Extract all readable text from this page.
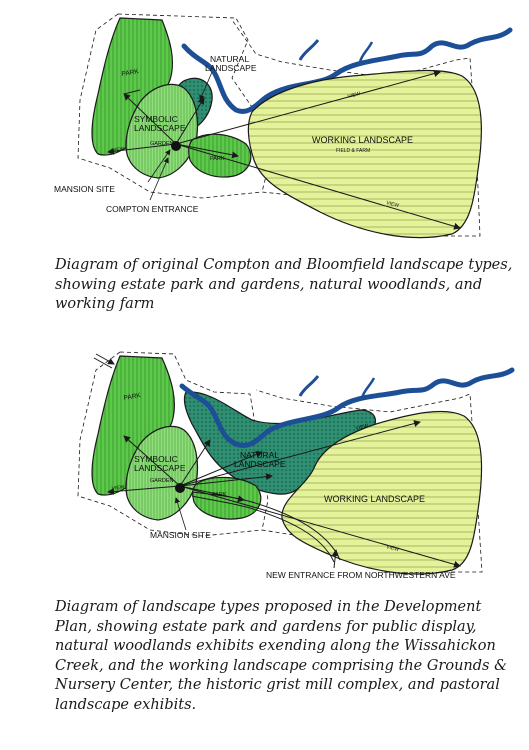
PARK
NATURAL LANDSCAPE
SYMBOLIC LANDSCAPE
GARDEN
VIEW
PARK
WORKING LANDSCAPE
FIELD & FARM
VIEW
VIEW
MANSION SITE
COMPTON ENTRANCE

Diagram of original Compton and Bloomfield landscape types, showing estate park and gardens, natural woodlands, and working farm

PARK
NATURAL LANDSCAPE
SYMBOLIC LANDSCAPE
GARDEN
VIEW
PARK	WORKING LANDSCAPE
VIEW
VIEW
MANSION SITE
NEW ENTRANCE FROM NORTHWESTERN AVE

Diagram of landscape types proposed in the Development Plan, showing estate park and gardens for public display, natural woodlands exhibits exending along the Wissahickon Creek, and the working landscape comprising the Grounds & Nursery Center, the historic grist mill complex, and pastoral landscape exhibits.
